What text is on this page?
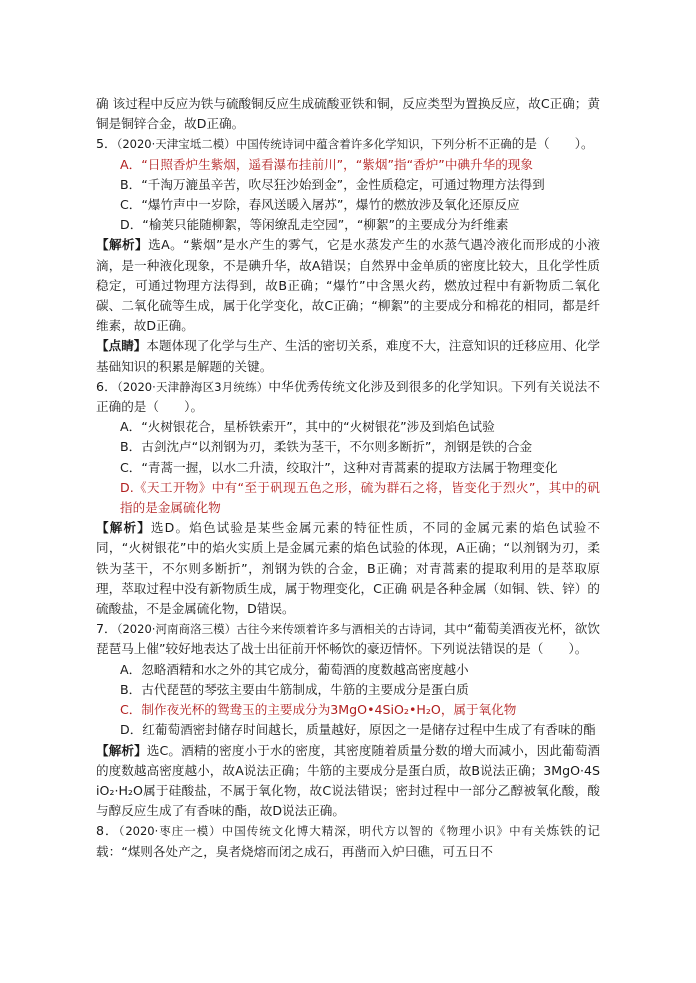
确 该过程中反应为铁与硫酸铜反应生成硫酸亚铁和铜，反应类型为置换反应，故C正确；黄铜是铜锌合金，故D正确。

5．（2020·天津宝坻二模）中国传统诗词中蕴含着许多化学知识，下列分析不正确的是（　　）。

A．“日照香炉生紫烟，遥看瀑布挂前川”，“紫烟”指“香炉”中碘升华的现象

B．“千淘万漉虽辛苦，吹尽狂沙始到金”，金性质稳定，可通过物理方法得到

C．“爆竹声中一岁除，春风送暖入屠苏”，爆竹的燃放涉及氧化还原反应

D．“榆荚只能随柳絮，等闲缭乱走空园”，“柳絮”的主要成分为纤维素

【解析】选A。“紫烟”是水产生的雾气，它是水蒸发产生的水蒸气遇冷液化而形成的小液滴，是一种液化现象，不是碘升华，故A错误；自然界中金单质的密度比较大，且化学性质稳定，可通过物理方法得到，故B正确；“爆竹”中含黑火药，燃放过程中有新物质二氧化碳、二氧化硫等生成，属于化学变化，故C正确；“柳絮”的主要成分和棉花的相同，都是纤维素，故D正确。

【点睛】本题体现了化学与生产、生活的密切关系，难度不大，注意知识的迁移应用、化学基础知识的积累是解题的关键。

6．（2020·天津静海区3月统练）中华优秀传统文化涉及到很多的化学知识。下列有关说法不正确的是（　　）。

A．“火树银花合，星桥铁索开”，其中的“火树银花”涉及到焰色试验

B．古剑沈卢“以剂钢为刃，柔铁为茎干，不尔则多断折”，剂钢是铁的合金

C．“青蒿一握，以水二升渍，绞取汁”，这种对青蒿素的提取方法属于物理变化

D.《天工开物》中有“至于矾现五色之形，硫为群石之将，皆变化于烈火”，其中的矾指的是金属硫化物

【解析】选D。焰色试验是某些金属元素的特征性质，不同的金属元素的焰色试验不同，“火树银花”中的焰火实质上是金属元素的焰色试验的体现，A正确；“以剂钢为刃，柔铁为茎干，不尔则多断折”，剂钢为铁的合金，B正确；对青蒿素的提取利用的是萃取原理，萃取过程中没有新物质生成，属于物理变化，C正确 矾是各种金属（如铜、铁、锌）的硫酸盐，不是金属硫化物，D错误。

7．（2020·河南商洛三模）古往今来传颂着许多与酒相关的古诗词，其中“葡萄美酒夜光杯，欲饮琵琶马上催”较好地表达了战士出征前开怀畅饮的豪迈情怀。下列说法错误的是（　　）。

A．忽略酒精和水之外的其它成分，葡萄酒的度数越高密度越小

B．古代琵琶的琴弦主要由牛筋制成，牛筋的主要成分是蛋白质

C．制作夜光杯的鸳鸯玉的主要成分为3MgO•4SiO₂•H₂O，属于氧化物

D．红葡萄酒密封储存时间越长，质量越好，原因之一是储存过程中生成了有香味的酯

【解析】选C。酒精的密度小于水的密度，其密度随着质量分数的增大而减小，因此葡萄酒的度数越高密度越小，故A说法正确；牛筋的主要成分是蛋白质，故B说法正确；3MgO·4SiO₂·H₂O属于硅酸盐，不属于氧化物，故C说法错误；密封过程中一部分乙醇被氧化酸，酸与醇反应生成了有香味的酯，故D说法正确。

8．（2020·枣庄一模）中国传统文化博大精深，明代方以智的《物理小识》中有关炼铁的记载：“煤则各处产之，臭者烧熔而闭之成石，再凿而入炉曰礁，可五日不
